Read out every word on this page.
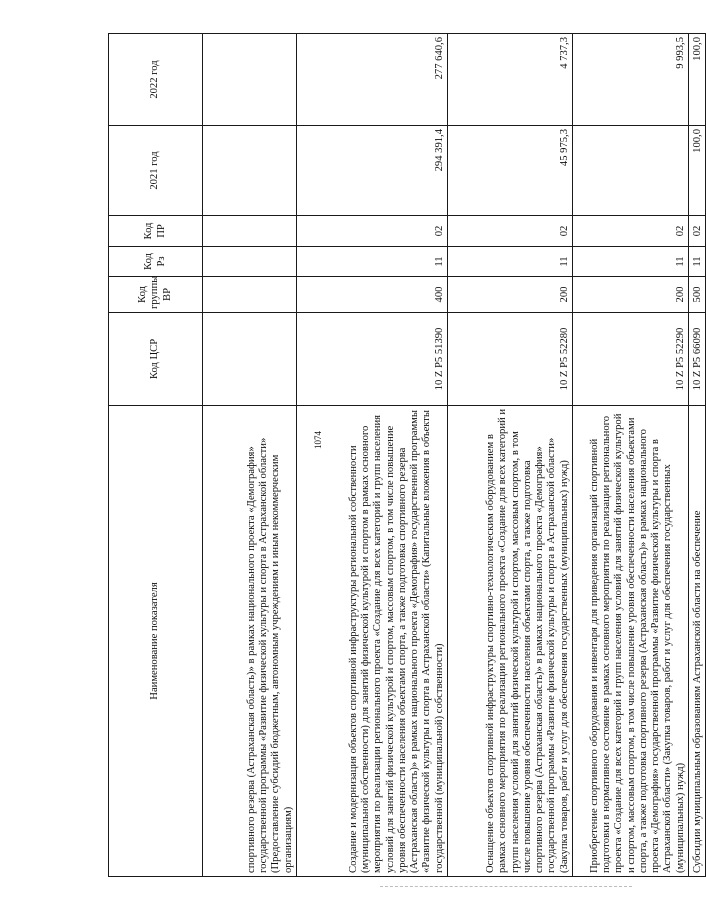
1074
Наименование показателя	Код ЦСР	Код группы ВР	Код Рз	Код ПР	2021 год	2022 год
спортивного резерва (Астраханская область)» в рамках национального проекта «Демография» государственной программы «Развитие физической культуры и спорта в Астраханской области» (Предоставление субсидий бюджетным, автономным учреждениям и иным некоммерческим организациям)						
Создание и модернизация объектов спортивной инфраструктуры региональной собственности (муниципальной собственности) для занятий физической культурой и спортом в рамках основного мероприятия по реализации регионального проекта «Создание для всех категорий и групп населения условий для занятий физической культурой и спортом, массовым спортом, в том числе повышение уровня обеспеченности населения объектами спорта, а также подготовка спортивного резерва (Астраханская область)» в рамках национального проекта «Демография» государственной программы «Развитие физической культуры и спорта в Астраханской области» (Капитальные вложения в объекты государственной (муниципальной) собственности)	10 Z P5 51390	400	11	02	294 391,4	277 640,6
Оснащение объектов спортивной инфраструктуры спортивно-технологическим оборудованием в рамках основного мероприятия по реализации регионального проекта «Создание для всех категорий и групп населения условий для занятий физической культурой и спортом, массовым спортом, в том числе повышение уровня обеспеченности населения объектами спорта, а также подготовка спортивного резерва (Астраханская область)» в рамках национального проекта «Демография» государственной программы «Развитие физической культуры и спорта в Астраханской области» (Закупка товаров, работ и услуг для обеспечения государственных (муниципальных) нужд)	10 Z P5 52280	200	11	02	45 975,3	4 737,3
Приобретение спортивного оборудования и инвентаря для приведения организаций спортивной подготовки в нормативное состояние в рамках основного мероприятия по реализации регионального проекта «Создание для всех категорий и групп населения условий для занятий физической культурой и спортом, массовым спортом, в том числе повышение уровня обеспеченности населения объектами спорта, а также подготовка спортивного резерва (Астраханская область)» в рамках национального проекта «Демография» государственной программы «Развитие физической культуры и спорта в Астраханской области» (Закупка товаров, работ и услуг для обеспечения государственных (муниципальных) нужд)	10 Z P5 52290	200	11	02		9 993,5
Субсидии муниципальным образованиям Астраханской области на обеспечение	10 Z P5 66090	500	11	02	100,0	100,0
